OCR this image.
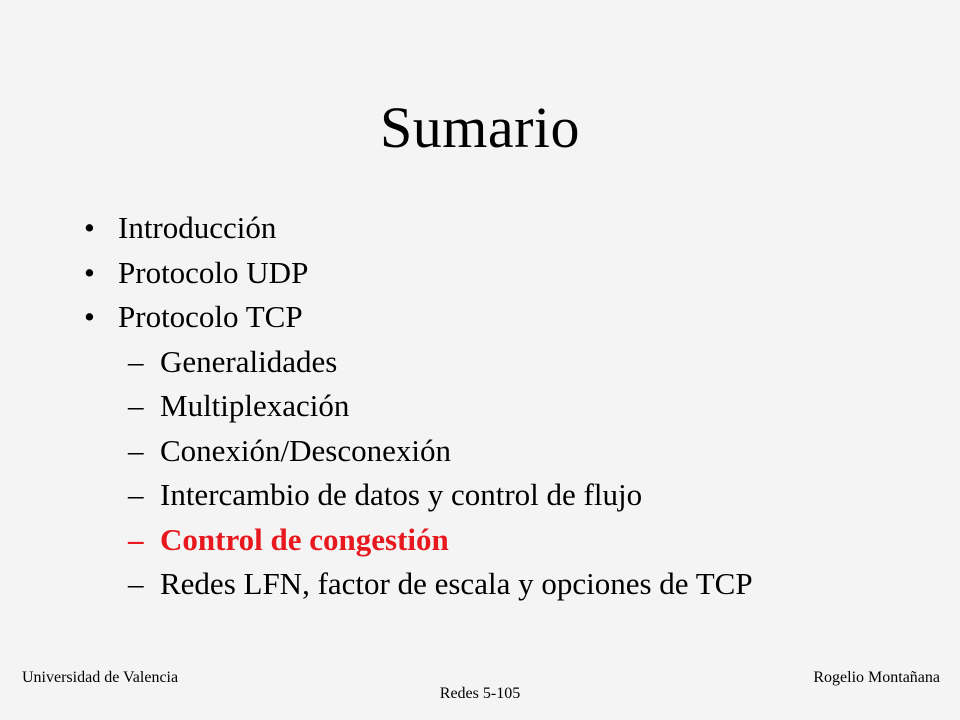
Sumario
• Introducción
• Protocolo UDP
• Protocolo TCP
– Generalidades
– Multiplexación
– Conexión/Desconexión
– Intercambio de datos y control de flujo
– Control de congestión
– Redes LFN, factor de escala y opciones de TCP
Universidad de Valencia
Redes 5-105
Rogelio Montañana
